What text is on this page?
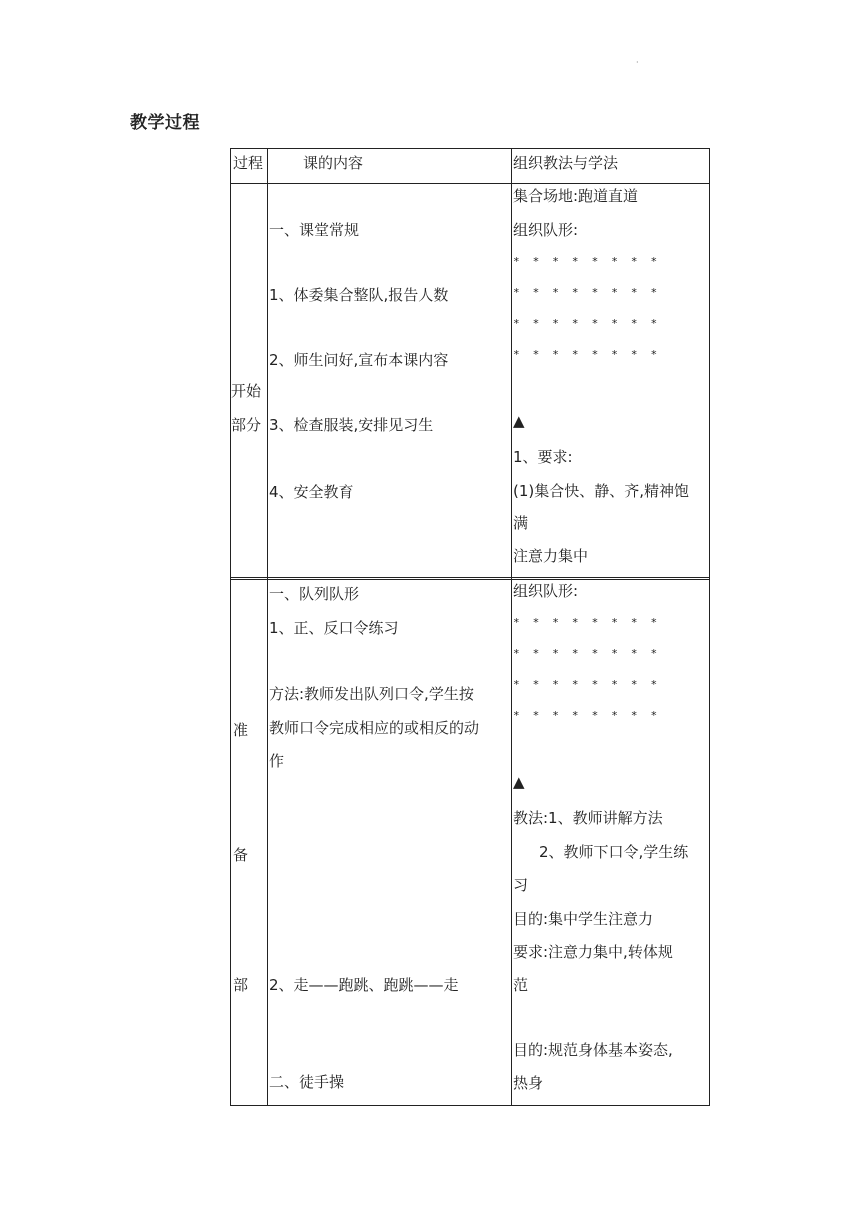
·
教学过程
过程	课的内容	组织教法与学法
开始
部分
一、课堂常规
1、体委集合整队,报告人数
2、师生问好,宣布本课内容
3、检查服装,安排见习生
4、安全教育
集合场地:跑道直道
组织队形:
* * * * * * * *
* * * * * * * *
* * * * * * * *
* * * * * * * *
▲
1、要求:
(1)集合快、静、齐,精神饱
满
注意力集中
准
备
部
一、队列队形
1、正、反口令练习
方法:教师发出队列口令,学生按
教师口令完成相应的或相反的动
作
2、走——跑跳、跑跳——走
二、徒手操
组织队形:
* * * * * * * *
* * * * * * * *
* * * * * * * *
* * * * * * * *
▲
教法:1、教师讲解方法
2、教师下口令,学生练
习
目的:集中学生注意力
要求:注意力集中,转体规
范
目的:规范身体基本姿态,
热身
